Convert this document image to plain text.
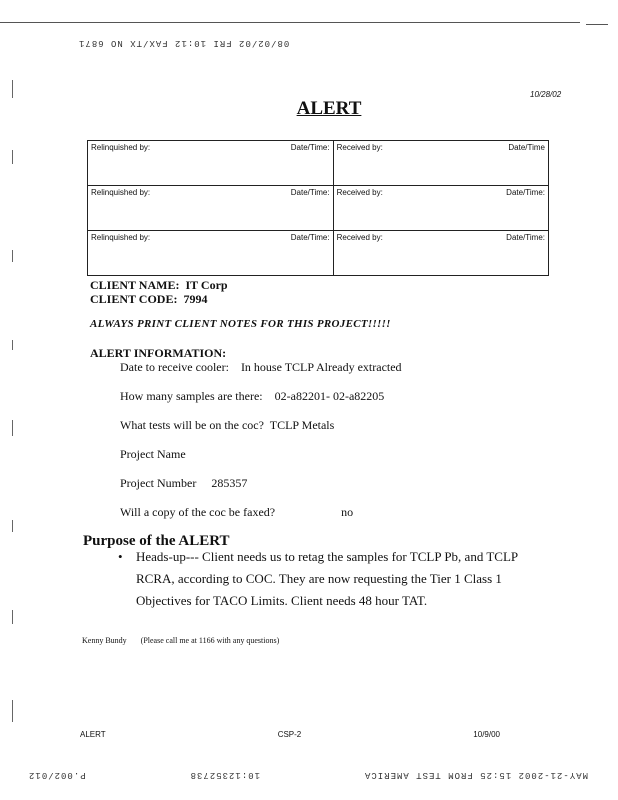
08/02/02 FRI 10:12 FAX/TX NO 6871
10/28/02
ALERT
Relinquished by: Date/Time:	Received by: Date/Time

Relinquished by: Date/Time:	Received by: Date/Time:

Relinquished by: Date/Time:	Received by: Date/Time:
CLIENT NAME: IT Corp
CLIENT CODE: 7994
ALWAYS PRINT CLIENT NOTES FOR THIS PROJECT!!!!!
ALERT INFORMATION:
Date to receive cooler: In house TCLP Already extracted
How many samples are there: 02-a82201- 02-a82205
What tests will be on the coc? TCLP Metals
Project Name
Project Number 285357
Will a copy of the coc be faxed?	no
Purpose of the ALERT
• Heads-up--- Client needs us to retag the samples for TCLP Pb, and TCLP RCRA, according to COC. They are now requesting the Tier 1 Class 1 Objectives for TACO Limits. Client needs 48 hour TAT.
Kenny Bundy (Please call me at 1166 with any questions)
ALERT	CSP-2	10/9/00
MAY-21-2002 15:25 FROM TEST AMERICA
10:12352738
P.002/012
